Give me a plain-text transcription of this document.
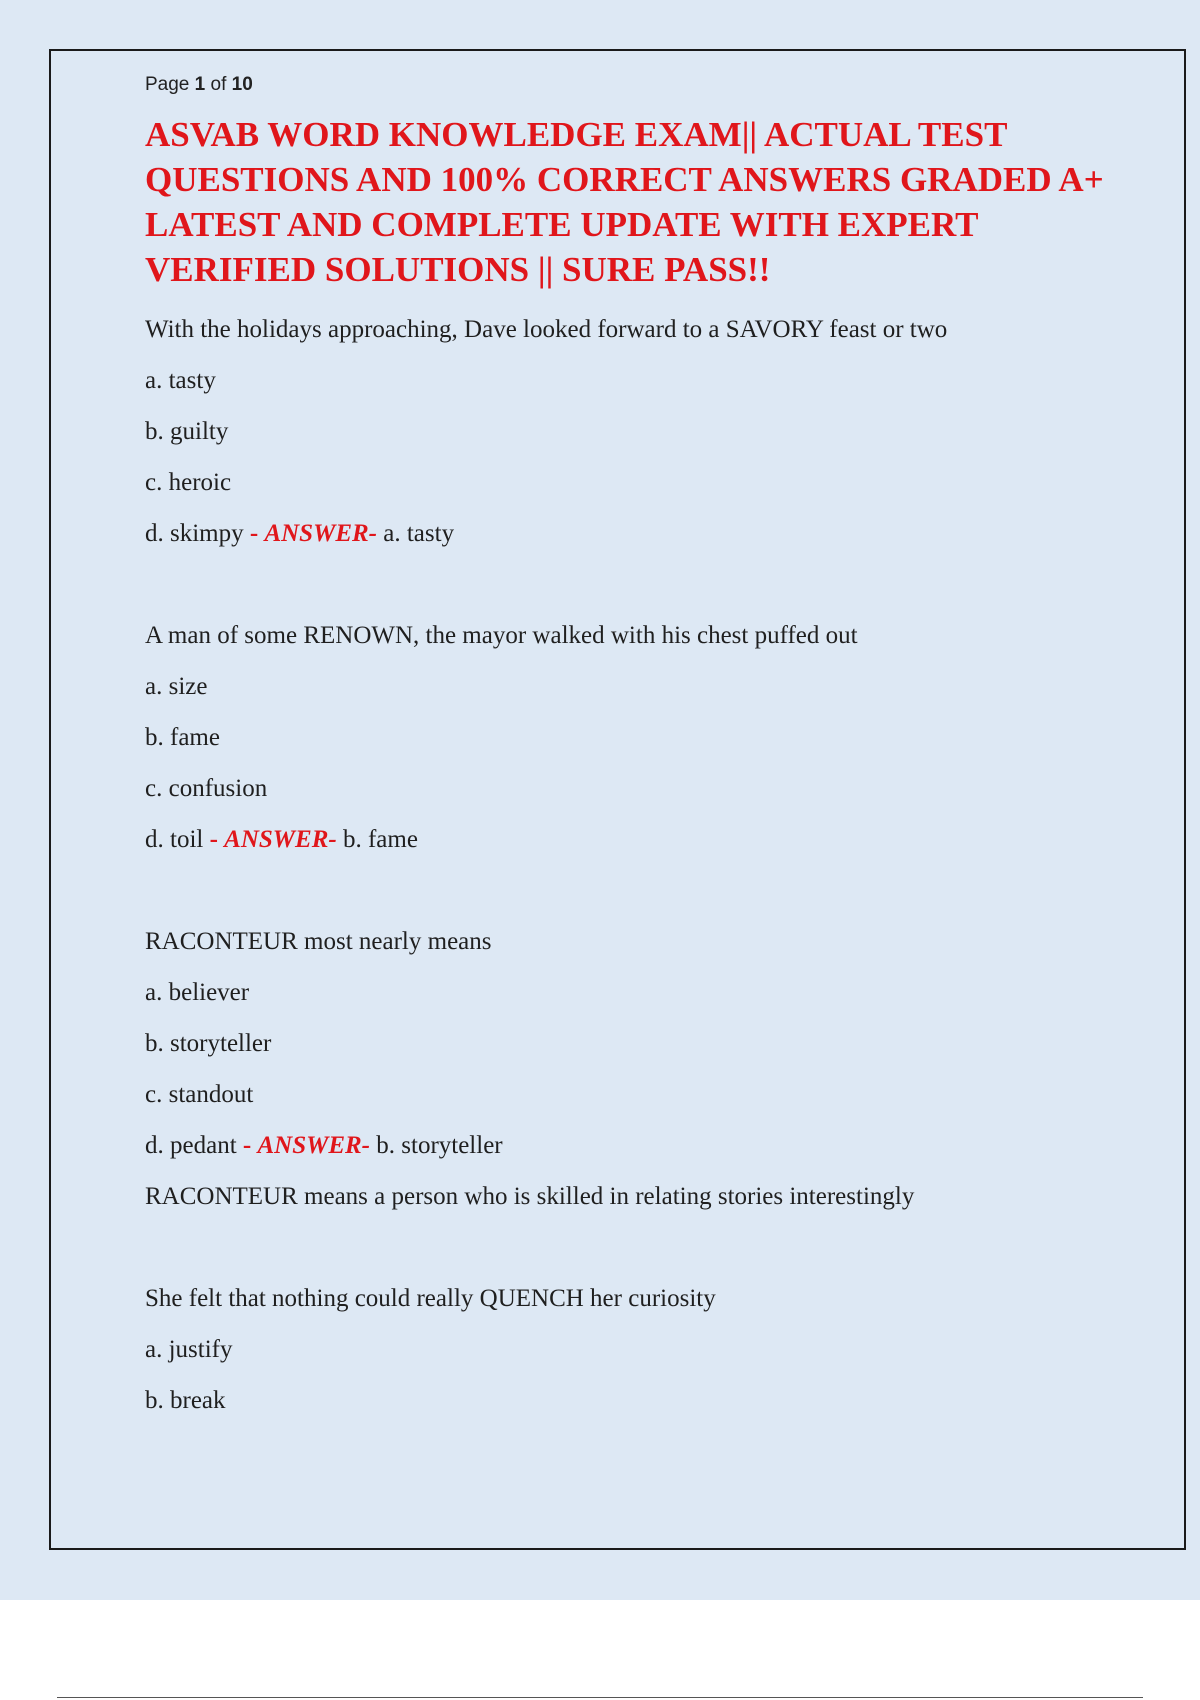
Page 1 of 10
ASVAB WORD KNOWLEDGE EXAM|| ACTUAL TEST QUESTIONS AND 100% CORRECT ANSWERS GRADED A+ LATEST AND COMPLETE UPDATE WITH EXPERT VERIFIED SOLUTIONS || SURE PASS!!
With the holidays approaching, Dave looked forward to a SAVORY feast or two
a. tasty
b. guilty
c. heroic
d. skimpy - ANSWER- a. tasty
A man of some RENOWN, the mayor walked with his chest puffed out
a. size
b. fame
c. confusion
d. toil - ANSWER- b. fame
RACONTEUR most nearly means
a. believer
b. storyteller
c. standout
d. pedant - ANSWER- b. storyteller
RACONTEUR means a person who is skilled in relating stories interestingly
She felt that nothing could really QUENCH her curiosity
a. justify
b. break
